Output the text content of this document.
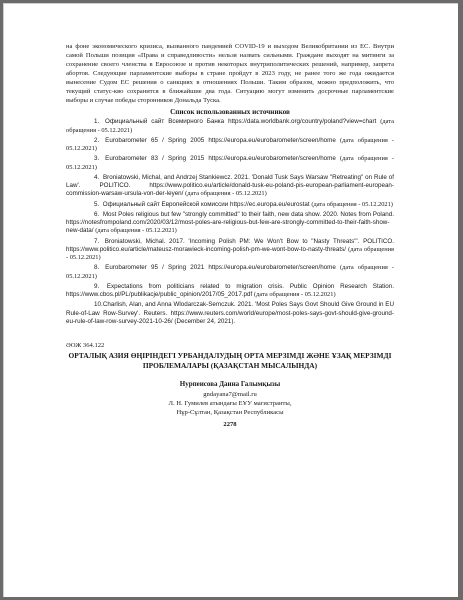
на фоне экономического кризиса, вызванного пандемией COVID-19 и выходом Великобритании из ЕС. Внутри самой Польши позиция «Права и справедливости» нельзя назвать сильными. Граждане выходят на митинги за сохранение своего членства в Евросоюзе и против некоторых внутриполитических решений, например, запрета абортов. Следующие парламентские выборы в стране пройдут в 2023 году, не ранее того же года ожидается вынесение Судом ЕС решения о санкциях в отношениях Польши. Таким образом, можно предположить, что текущий статус-кво сохранится в ближайшие два года. Ситуацию могут изменить досрочные парламентские выборы и случае победы сторонников Дональда Туска.

Список использованных источников

1. Официальный сайт Всемирного Банка https://data.worldbank.org/country/poland?view=chart (дата обращения - 05.12.2021)

2. Eurobarometer 65 / Spring 2005 https://europa.eu/eurobarometer/screen/home (дата обращения - 05.12.2021)

3. Eurobarometer 83 / Spring 2015 https://europa.eu/eurobarometer/screen/home (дата обращения - 05.12.2021)

4. Broniatowski, Michal, and Andrzej Stankiewcz. 2021. 'Donald Tusk Says Warsaw "Retreating" on Rule of Law'. POLITICO. https://www.politico.eu/article/donald-tusk-eu-poland-pis-european-parliament-european-commission-warsaw-ursula-von-der-leyen/ (дата обращения - 05.12.2021)

5. Официальный сайт Европейской комиссии https://ec.europa.eu/eurostat (дата обращения - 05.12.2021)

6. Most Poles religious but few "strongly committed" to their faith, new data show. 2020. Notes from Poland. https://notesfrompoland.com/2020/03/12/most-poles-are-religious-but-few-are-strongly-committed-to-their-faith-show-new-data/ (дата обращения - 05.12.2021)

7. Broniatowski, Michal. 2017. 'Incoming Polish PM: We Won't Bow to "Nasty Threats"'. POLITICO. https://www.politico.eu/article/mateusz-morawieck-incoming-polish-pm-we-wont-bow-to-nasty-threats/ (дата обращения - 05.12.2021)

8. Eurobarometer 95 / Spring 2021 https://europa.eu/eurobarometer/screen/home (дата обращения - 05.12.2021)

9. Expectations from politicians related to migration crisis. Public Opinion Research Station. https://www.cbos.pl/PL/publikacje/public_opinion/2017/05_2017.pdf (дата обращения - 05.12.2021)

10. Charlish, Alan, and Anna Wlodarczak-Semczuk. 2021. 'Most Poles Says Govt Should Give Ground in EU Rule-of-Law Row-Survey'. Reuters. https://www.reuters.com/world/europe/most-poles-says-govt-should-give-ground-eu-rule-of-law-row-survey-2021-10-26/ (December 24, 2021).

ӘОЖ 364.122

ОРТАЛЫҚ АЗИЯ ӨҢІРІНДЕГІ УРБАНДАЛУДЫҢ ОРТА МЕРЗІМДІ ЖӘНЕ ҰЗАҚ МЕРЗІМДІ ПРОБЛЕМАЛАРЫ (ҚАЗАҚСТАН МЫСАЛЫНДА)

Нурпеисова Даина Галымқызы

gndayana7@mail.ru

Л. Н. Гумилев атындағы ЕҰУ магистранты,

Нұр-Сұлтан, Қазақстан Республикасы

2278
